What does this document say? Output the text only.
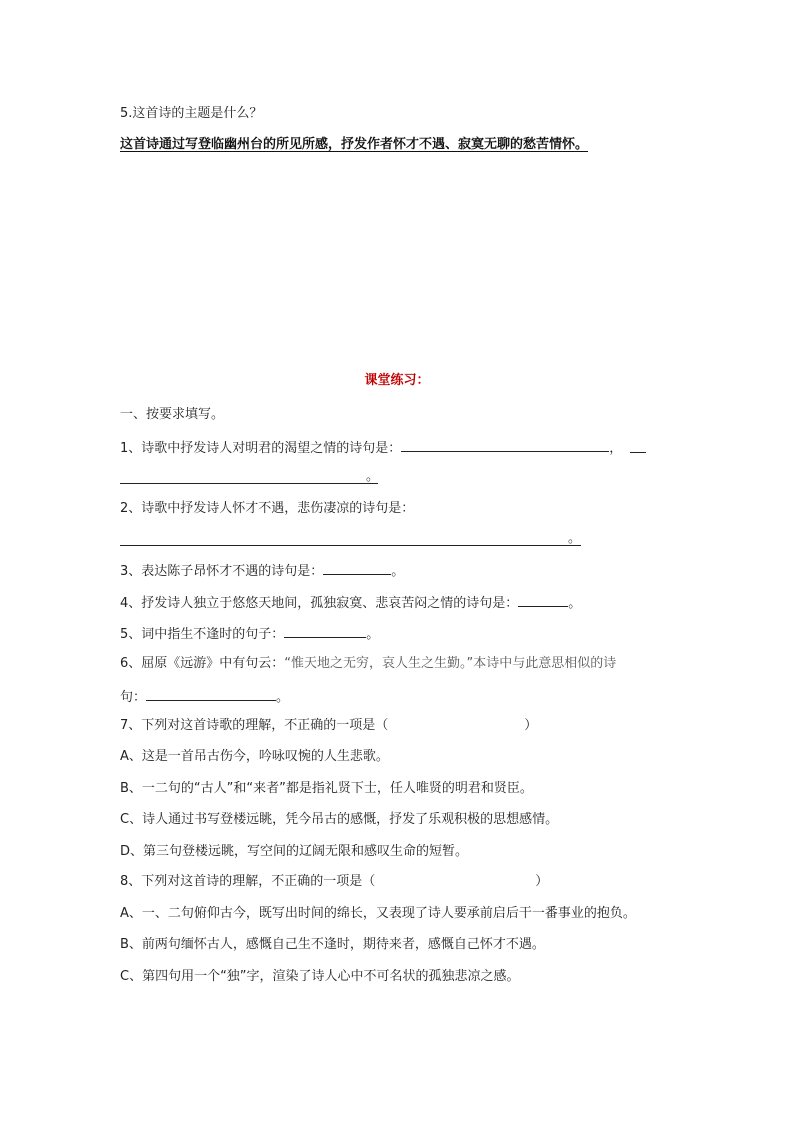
5.这首诗的主题是什么？
这首诗通过写登临幽州台的所见所感，抒发作者怀才不遇、寂寞无聊的愁苦情怀。
课堂练习：
一、按要求填写。
1、诗歌中抒发诗人对明君的渴望之情的诗句是：	，
。
2、诗歌中抒发诗人怀才不遇，悲伤凄凉的诗句是：
。
3、表达陈子昂怀才不遇的诗句是：	。
4、抒发诗人独立于悠悠天地间，孤独寂寞、悲哀苦闷之情的诗句是：	。
5、词中指生不逢时的句子：	。
6、屈原《远游》中有句云：“惟天地之无穷，哀人生之生勤。”本诗中与此意思相似的诗
句：	。
7、下列对这首诗歌的理解，不正确的一项是（	）
A、这是一首吊古伤今，吟咏叹惋的人生悲歌。
B、一二句的“古人”和“来者”都是指礼贤下士，任人唯贤的明君和贤臣。
C、诗人通过书写登楼远眺，凭今吊古的感慨，抒发了乐观积极的思想感情。
D、第三句登楼远眺，写空间的辽阔无限和感叹生命的短暂。
8、下列对这首诗的理解，不正确的一项是（	）
A、一、二句俯仰古今，既写出时间的绵长，又表现了诗人要承前启后干一番事业的抱负。
B、前两句缅怀古人，感慨自己生不逢时，期待来者，感慨自己怀才不遇。
C、第四句用一个“独”字，渲染了诗人心中不可名状的孤独悲凉之感。
